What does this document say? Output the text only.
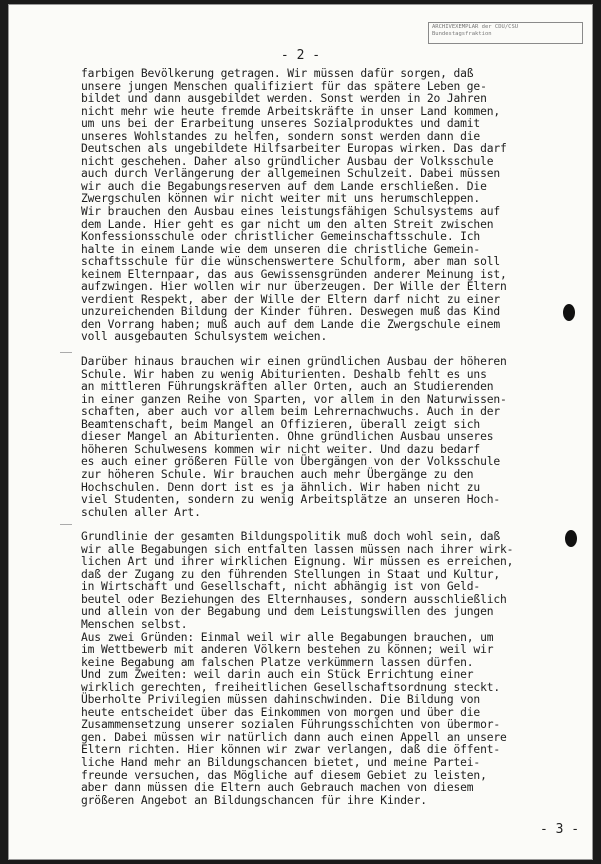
ARCHIVEXEMPLAR der CDU/CSU
Bundestagsfraktion
- 2 -
farbigen Bevölkerung getragen. Wir müssen dafür sorgen, daß
unsere jungen Menschen qualifiziert für das spätere Leben ge-
bildet und dann ausgebildet werden. Sonst werden in 2o Jahren
nicht mehr wie heute fremde Arbeitskräfte in unser Land kommen,
um uns bei der Erarbeitung unseres Sozialproduktes und damit
unseres Wohlstandes zu helfen, sondern sonst werden dann die
Deutschen als ungebildete Hilfsarbeiter Europas wirken. Das darf
nicht geschehen. Daher also gründlicher Ausbau der Volksschule
auch durch Verlängerung der allgemeinen Schulzeit. Dabei müssen
wir auch die Begabungsreserven auf dem Lande erschließen. Die
Zwergschulen können wir nicht weiter mit uns herumschleppen.
Wir brauchen den Ausbau eines leistungsfähigen Schulsystems auf
dem Lande. Hier geht es gar nicht um den alten Streit zwischen
Konfessionsschule oder christlicher Gemeinschaftsschule. Ich
halte in einem Lande wie dem unseren die christliche Gemein-
schaftsschule für die wünschenswertere Schulform, aber man soll
keinem Elternpaar, das aus Gewissensgründen anderer Meinung ist,
aufzwingen. Hier wollen wir nur überzeugen. Der Wille der Eltern
verdient Respekt, aber der Wille der Eltern darf nicht zu einer
unzureichenden Bildung der Kinder führen. Deswegen muß das Kind
den Vorrang haben; muß auch auf dem Lande die Zwergschule einem
voll ausgebauten Schulsystem weichen.
Darüber hinaus brauchen wir einen gründlichen Ausbau der höheren
Schule. Wir haben zu wenig Abiturienten. Deshalb fehlt es uns
an mittleren Führungskräften aller Orten, auch an Studierenden
in einer ganzen Reihe von Sparten, vor allem in den Naturwissen-
schaften, aber auch vor allem beim Lehrernachwuchs. Auch in der
Beamtenschaft, beim Mangel an Offizieren, überall zeigt sich
dieser Mangel an Abiturienten. Ohne gründlichen Ausbau unseres
höheren Schulwesens kommen wir nicht weiter. Und dazu bedarf
es auch einer größeren Fülle von Übergängen von der Volksschule
zur höheren Schule. Wir brauchen auch mehr Übergänge zu den
Hochschulen. Denn dort ist es ja ähnlich. Wir haben nicht zu
viel Studenten, sondern zu wenig Arbeitsplätze an unseren Hoch-
schulen aller Art.
Grundlinie der gesamten Bildungspolitik muß doch wohl sein, daß
wir alle Begabungen sich entfalten lassen müssen nach ihrer wirk-
lichen Art und ihrer wirklichen Eignung. Wir müssen es erreichen,
daß der Zugang zu den führenden Stellungen in Staat und Kultur,
in Wirtschaft und Gesellschaft, nicht abhängig ist von Geld-
beutel oder Beziehungen des Elternhauses, sondern ausschließlich
und allein von der Begabung und dem Leistungswillen des jungen
Menschen selbst.
Aus zwei Gründen: Einmal weil wir alle Begabungen brauchen, um
im Wettbewerb mit anderen Völkern bestehen zu können; weil wir
keine Begabung am falschen Platze verkümmern lassen dürfen.
Und zum Zweiten: weil darin auch ein Stück Errichtung einer
wirklich gerechten, freiheitlichen Gesellschaftsordnung steckt.
Überholte Privilegien müssen dahinschwinden. Die Bildung von
heute entscheidet über das Einkommen von morgen und über die
Zusammensetzung unserer sozialen Führungsschichten von übermor-
gen. Dabei müssen wir natürlich dann auch einen Appell an unsere
Eltern richten. Hier können wir zwar verlangen, daß die öffent-
liche Hand mehr an Bildungschancen bietet, und meine Partei-
freunde versuchen, das Mögliche auf diesem Gebiet zu leisten,
aber dann müssen die Eltern auch Gebrauch machen von diesem
größeren Angebot an Bildungschancen für ihre Kinder.
- 3 -
